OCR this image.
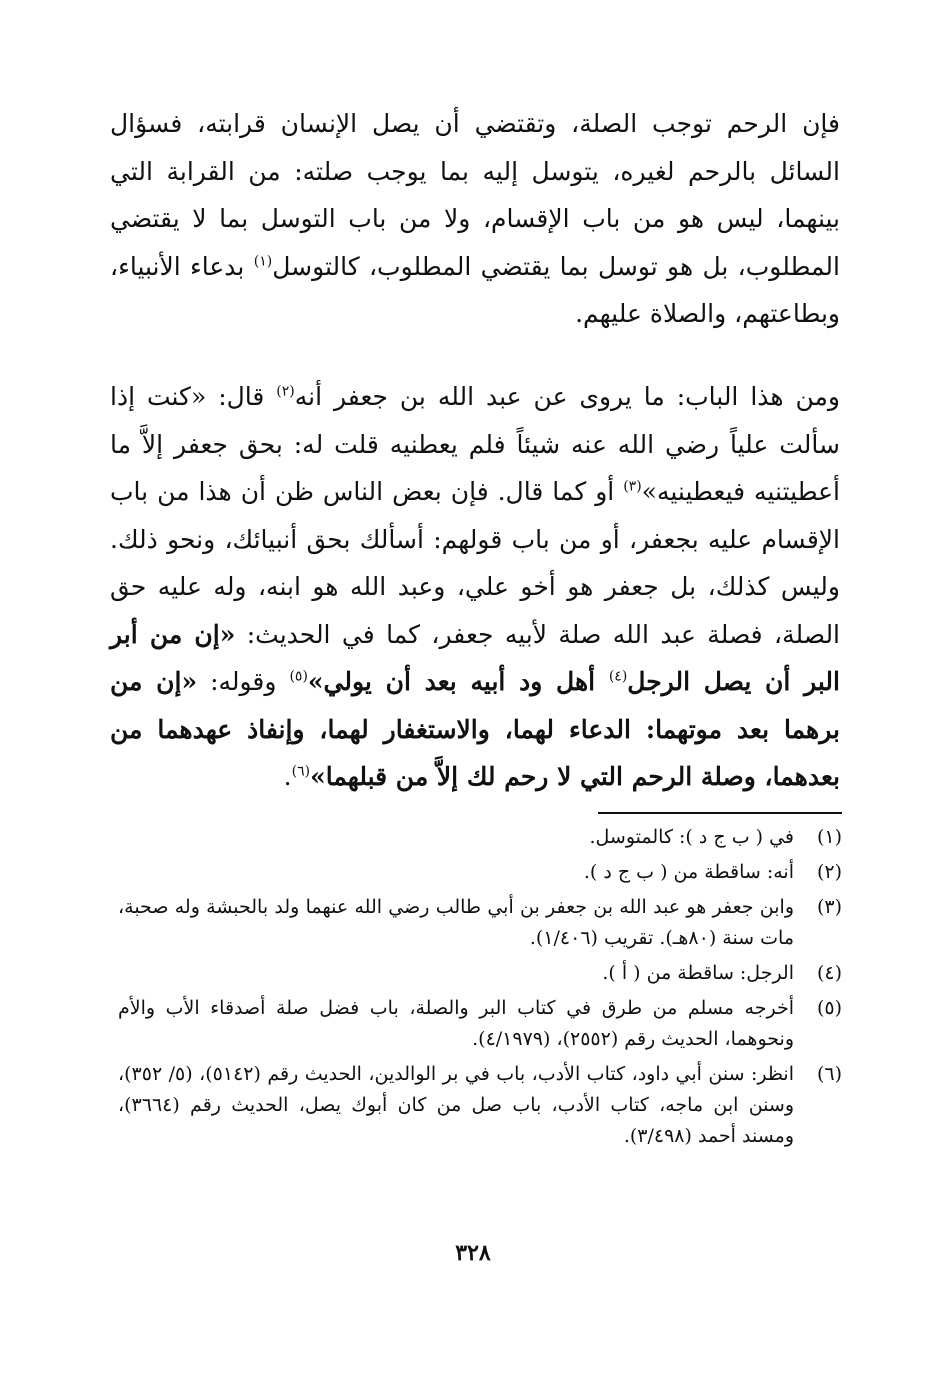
فإن الرحم توجب الصلة، وتقتضي أن يصل الإنسان قرابته، فسؤال السائل بالرحم لغيره، يتوسل إليه بما يوجب صلته: من القرابة التي بينهما، ليس هو من باب الإقسام، ولا من باب التوسل بما لا يقتضي المطلوب، بل هو توسل بما يقتضي المطلوب، كالتوسل$^{(١)}$ بدعاء الأنبياء، وبطاعتهم، والصلاة عليهم.

ومن هذا الباب: ما يروى عن عبد الله بن جعفر أنه$^{(٢)}$ قال: «كنت إذا سألت علياً رضي الله عنه شيئاً فلم يعطنيه قلت له: بحق جعفر إلاَّ ما أعطيتنيه فيعطينيه»$^{(٣)}$ أو كما قال. فإن بعض الناس ظن أن هذا من باب الإقسام عليه بجعفر، أو من باب قولهم: أسألك بحق أنبيائك، ونحو ذلك. وليس كذلك، بل جعفر هو أخو علي، وعبد الله هو ابنه، وله عليه حق الصلة، فصلة عبد الله صلة لأبيه جعفر، كما في الحديث: «إن من أبر البر أن يصل الرجل$^{(٤)}$ أهل ود أبيه بعد أن يولي»$^{(٥)}$ وقوله: «إن من برهما بعد موتهما: الدعاء لهما، والاستغفار لهما، وإنفاذ عهدهما من بعدهما، وصلة الرحم التي لا رحم لك إلاَّ من قبلهما»$^{(٦)}$.

(١)
في ( ب ج د ): كالمتوسل.
(٢)
أنه: ساقطة من ( ب ج د ).
(٣)
وابن جعفر هو عبد الله بن جعفر بن أبي طالب رضي الله عنهما ولد بالحبشة وله صحبة، مات سنة (٨٠هـ). تقريب (١/٤٠٦).
(٤)
الرجل: ساقطة من ( أ ).
(٥)
أخرجه مسلم من طرق في كتاب البر والصلة، باب فضل صلة أصدقاء الأب والأم ونحوهما، الحديث رقم (٢٥٥٢)، (٤/١٩٧٩).
(٦)
انظر: سنن أبي داود، كتاب الأدب، باب في بر الوالدين، الحديث رقم (٥١٤٢)، (٥/ ٣٥٢)، وسنن ابن ماجه، كتاب الأدب، باب صل من كان أبوك يصل، الحديث رقم (٣٦٦٤)، ومسند أحمد (٣/٤٩٨).
٣٢٨
